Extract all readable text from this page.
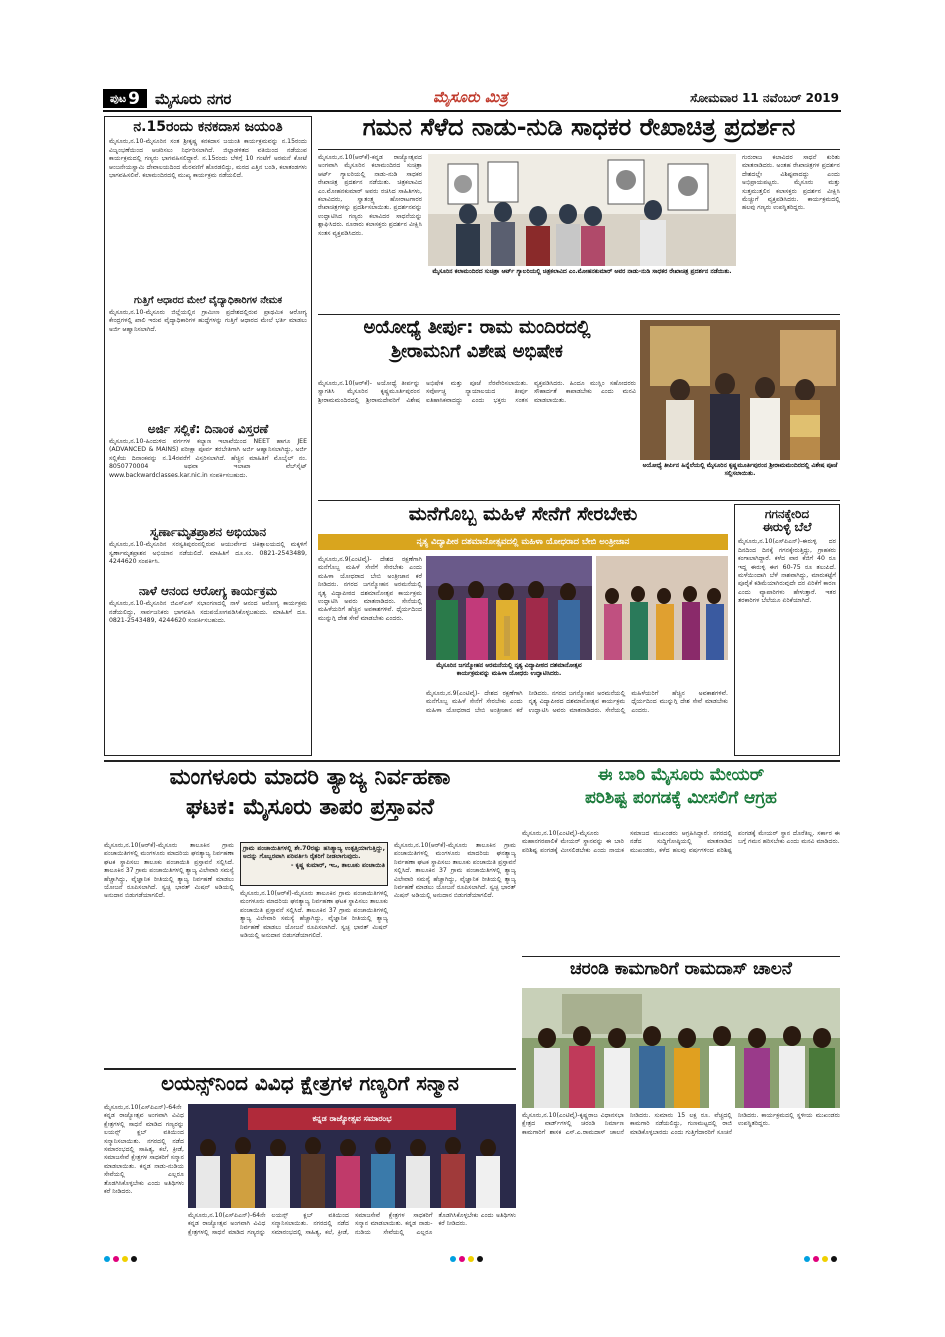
ಪುಟ 9 ಮೈಸೂರು ನಗರ	ಮೈಸೂರು ಮಿತ್ರ	ಸೋಮವಾರ 11 ನವೆಂಬರ್ 2019
ನ.15ರಂದು ಕನಕದಾಸ ಜಯಂತಿ
ಮೈಸೂರು,ನ.10-ಮೈಸೂರಿನ ಸಂತ ಶ್ರೀಕೃಷ್ಣ ಕನಕದಾಸ ಜಯಂತಿ ಕಾರ್ಯಕ್ರಮವನ್ನು ನ.15ರಂದು ವಿಜೃಂಭಣೆಯಿಂದ ಆಚರಿಸಲು ನಿರ್ಧರಿಸಲಾಗಿದೆ. ಜಿಲ್ಲಾಡಳಿತದ ವತಿಯಿಂದ ನಡೆಯುವ ಕಾರ್ಯಕ್ರಮದಲ್ಲಿ ಗಣ್ಯರು ಭಾಗವಹಿಸಲಿದ್ದಾರೆ. ನ.15ರಂದು ಬೆಳಿಗ್ಗೆ 10 ಗಂಟೆಗೆ ಅರಮನೆ ಕೋಟೆ ಆಂಜನೇಯಸ್ವಾಮಿ ದೇವಾಲಯದಿಂದ ಮೆರವಣಿಗೆ ಹೊರಡಲಿದ್ದು, ಮರದ ಎತ್ತಿನ ಬಂಡಿ, ಕಲಾತಂಡಗಳು ಭಾಗವಹಿಸಲಿವೆ. ಕಲಾಮಂದಿರದಲ್ಲಿ ಮುಖ್ಯ ಕಾರ್ಯಕ್ರಮ ನಡೆಯಲಿದೆ.
ಗುತ್ತಿಗೆ ಆಧಾರದ ಮೇಲೆ ವೈದ್ಯಾಧಿಕಾರಿಗಳ ನೇಮಕ
ಮೈಸೂರು,ನ.10-ಮೈಸೂರು ಜಿಲ್ಲೆಯಲ್ಲಿನ ಗ್ರಾಮೀಣ ಪ್ರದೇಶದಲ್ಲಿರುವ ಪ್ರಾಥಮಿಕ ಆರೋಗ್ಯ ಕೇಂದ್ರಗಳಲ್ಲಿ ಖಾಲಿ ಇರುವ ವೈದ್ಯಾಧಿಕಾರಿಗಳ ಹುದ್ದೆಗಳನ್ನು ಗುತ್ತಿಗೆ ಆಧಾರದ ಮೇಲೆ ಭರ್ತಿ ಮಾಡಲು ಅರ್ಜಿ ಆಹ್ವಾನಿಸಲಾಗಿದೆ.
ಅರ್ಜಿ ಸಲ್ಲಿಕೆ: ದಿನಾಂಕ ವಿಸ್ತರಣೆ
ಮೈಸೂರು,ನ.10-ಹಿಂದುಳಿದ ವರ್ಗಗಳ ಕಲ್ಯಾಣ ಇಲಾಖೆಯಿಂದ NEET ಹಾಗೂ JEE (ADVANCED & MAINS) ಪರೀಕ್ಷಾ ಪೂರ್ವ ತರಬೇತಿಗಾಗಿ ಅರ್ಜಿ ಆಹ್ವಾನಿಸಲಾಗಿದ್ದು, ಅರ್ಜಿ ಸಲ್ಲಿಕೆಯ ದಿನಾಂಕವನ್ನು ನ.14ರವರೆಗೆ ವಿಸ್ತರಿಸಲಾಗಿದೆ. ಹೆಚ್ಚಿನ ಮಾಹಿತಿಗೆ ಮೊಬೈಲ್ ನಂ. 8050770004 ಅಥವಾ ಇಲಾಖಾ ವೆಬ್‌ಸೈಟ್ www.backwardclasses.kar.nic.in ಸಂಪರ್ಕಿಸಬಹುದು.
ಸ್ವರ್ಣಾಮೃತಪ್ರಾಶನ ಅಭಿಯಾನ
ಮೈಸೂರು,ನ.10-ಮೈಸೂರಿನ ಸರಸ್ವತಿಪುರಂನಲ್ಲಿರುವ ಆಯುರ್ವೇದ ಚಿಕಿತ್ಸಾಲಯದಲ್ಲಿ ಮಕ್ಕಳಿಗೆ ಸ್ವರ್ಣಾಮೃತಪ್ರಾಶನ ಅಭಿಯಾನ ನಡೆಯಲಿದೆ. ಮಾಹಿತಿಗೆ ದೂ.ಸಂ. 0821-2543489, 4244620 ಸಂಪರ್ಕಿಸಿ.
ನಾಳೆ ಆನಂದ ಆರೋಗ್ಯ ಕಾರ್ಯಕ್ರಮ
ಮೈಸೂರು,ನ.10-ಮೈಸೂರಿನ ಜಿಎಸ್‌ಎಸ್ ಸಭಾಂಗಣದಲ್ಲಿ ನಾಳೆ ಆನಂದ ಆರೋಗ್ಯ ಕಾರ್ಯಕ್ರಮ ನಡೆಯಲಿದ್ದು, ಸಾರ್ವಜನಿಕರು ಭಾಗವಹಿಸಿ ಸದುಪಯೋಗಪಡಿಸಿಕೊಳ್ಳಬಹುದು. ಮಾಹಿತಿಗೆ ದೂ. 0821-2543489, 4244620 ಸಂಪರ್ಕಿಸಬಹುದು.
ಗಮನ ಸೆಳೆದ ನಾಡು-ನುಡಿ ಸಾಧಕರ ರೇಖಾಚಿತ್ರ ಪ್ರದರ್ಶನ
ಮೈಸೂರು,ನ.10(ಆರ್‌ಕೆ)-ಕನ್ನಡ ರಾಜ್ಯೋತ್ಸವದ ಅಂಗವಾಗಿ ಮೈಸೂರಿನ ಕಲಾಮಂದಿರದ ಸುಚಿತ್ರಾ ಆರ್ಟ್ ಗ್ಯಾಲರಿಯಲ್ಲಿ ನಾಡು-ನುಡಿ ಸಾಧಕರ ರೇಖಾಚಿತ್ರ ಪ್ರದರ್ಶನ ನಡೆಯಿತು. ಚಿತ್ರಕಲಾವಿದ ಎಂ.ಮೋಹನಕುಮಾರ್ ಅವರು ರಚಿಸಿದ ಸಾಹಿತಿಗಳು, ಕಲಾವಿದರು, ಸ್ವಾತಂತ್ರ್ಯ ಹೋರಾಟಗಾರರ ರೇಖಾಚಿತ್ರಗಳನ್ನು ಪ್ರದರ್ಶಿಸಲಾಯಿತು. ಪ್ರದರ್ಶನವನ್ನು ಉದ್ಘಾಟಿಸಿದ ಗಣ್ಯರು ಕಲಾವಿದರ ಸಾಧನೆಯನ್ನು ಶ್ಲಾಘಿಸಿದರು. ನೂರಾರು ಕಲಾಸಕ್ತರು ಪ್ರದರ್ಶನ ವೀಕ್ಷಿಸಿ ಸಂತಸ ವ್ಯಕ್ತಪಡಿಸಿದರು.
ಮೈಸೂರಿನ ಕಲಾಮಂದಿರದ ಸುಚಿತ್ರಾ ಆರ್ಟ್ ಗ್ಯಾಲರಿಯಲ್ಲಿ ಚಿತ್ರಕಲಾವಿದ ಎಂ.ಮೋಹನಕುಮಾರ್ ಅವರ ನಾಡು-ನುಡಿ ಸಾಧಕರ ರೇಖಾಚಿತ್ರ ಪ್ರದರ್ಶನ ನಡೆಯಿತು.
ಗುರುರಾಜ ಕಲಾವಿದರ ಸಾಧನೆ ಕುರಿತು ಮಾತನಾಡಿದರು. ಅಂತಹ ರೇಖಾಚಿತ್ರಗಳ ಪ್ರದರ್ಶನ ದೇಶದಲ್ಲೇ ವಿಶಿಷ್ಟವಾದದ್ದು ಎಂದು ಅಭಿಪ್ರಾಯಪಟ್ಟರು. ಮೈಸೂರು ಮತ್ತು ಸುತ್ತಮುತ್ತಲಿನ ಕಲಾಸಕ್ತರು ಪ್ರದರ್ಶನ ವೀಕ್ಷಿಸಿ ಮೆಚ್ಚುಗೆ ವ್ಯಕ್ತಪಡಿಸಿದರು. ಕಾರ್ಯಕ್ರಮದಲ್ಲಿ ಹಲವು ಗಣ್ಯರು ಉಪಸ್ಥಿತರಿದ್ದರು.
ಅಯೋಧ್ಯೆ ತೀರ್ಪು: ರಾಮ ಮಂದಿರದಲ್ಲಿ
ಶ್ರೀರಾಮನಿಗೆ ವಿಶೇಷ ಅಭಿಷೇಕ
ಮೈಸೂರು,ನ.10(ಆರ್‌ಕೆ)- ಅಯೋಧ್ಯೆ ತೀರ್ಪನ್ನು ಸ್ವಾಗತಿಸಿ ಮೈಸೂರಿನ ಕೃಷ್ಣಮೂರ್ತಿಪುರಂನ ಶ್ರೀರಾಮಮಂದಿರದಲ್ಲಿ ಶ್ರೀರಾಮದೇವರಿಗೆ ವಿಶೇಷ ಅಭಿಷೇಕ ಮತ್ತು ಪೂಜೆ ನೆರವೇರಿಸಲಾಯಿತು. ಸರ್ವೋಚ್ಚ ನ್ಯಾಯಾಲಯದ ತೀರ್ಪು ಐತಿಹಾಸಿಕವಾದದ್ದು ಎಂದು ಭಕ್ತರು ಸಂತಸ ವ್ಯಕ್ತಪಡಿಸಿದರು. ಹಿಂದೂ ಮುಸ್ಲಿಂ ಸಹೋದರರು ಸೌಹಾರ್ದತೆ ಕಾಪಾಡಬೇಕು ಎಂದು ಮನವಿ ಮಾಡಲಾಯಿತು.
ಅಯೋಧ್ಯೆ ತೀರ್ಪಿನ ಹಿನ್ನೆಲೆಯಲ್ಲಿ ಮೈಸೂರಿನ ಕೃಷ್ಣಮೂರ್ತಿಪುರಂನ ಶ್ರೀರಾಮಮಂದಿರದಲ್ಲಿ ವಿಶೇಷ ಪೂಜೆ ಸಲ್ಲಿಸಲಾಯಿತು.
ಮನೆಗೊಬ್ಬ ಮಹಿಳೆ ಸೇನೆಗೆ ಸೇರಬೇಕು
ನೃತ್ಯ ವಿದ್ಯಾಪೀಠ ದಶಮಾನೋತ್ಸವದಲ್ಲಿ ಮಹಿಳಾ ಯೋಧರಾದ ಬೇಬಿ ಅಂತ್ರೀಜಾನ
ಮೈಸೂರು,ನ.9(ಎಂಟಿವೈ)- ದೇಶದ ರಕ್ಷಣೆಗಾಗಿ ಮನೆಗೊಬ್ಬ ಮಹಿಳೆ ಸೇನೆಗೆ ಸೇರಬೇಕು ಎಂದು ಮಹಿಳಾ ಯೋಧರಾದ ಬೇಬಿ ಅಂತ್ರೀಜಾನ ಕರೆ ನೀಡಿದರು. ನಗರದ ಜಗನ್ಮೋಹನ ಅರಮನೆಯಲ್ಲಿ ನೃತ್ಯ ವಿದ್ಯಾಪೀಠದ ದಶಮಾನೋತ್ಸವ ಕಾರ್ಯಕ್ರಮ ಉದ್ಘಾಟಿಸಿ ಅವರು ಮಾತನಾಡಿದರು. ಸೇನೆಯಲ್ಲಿ ಮಹಿಳೆಯರಿಗೆ ಹೆಚ್ಚಿನ ಅವಕಾಶಗಳಿವೆ. ಧೈರ್ಯದಿಂದ ಮುನ್ನುಗ್ಗಿ ದೇಶ ಸೇವೆ ಮಾಡಬೇಕು ಎಂದರು.
ಮೈಸೂರಿನ ಜಗನ್ಮೋಹನ ಅರಮನೆಯಲ್ಲಿ ನೃತ್ಯ ವಿದ್ಯಾಪೀಠದ ದಶಮಾನೋತ್ಸವ ಕಾರ್ಯಕ್ರಮವನ್ನು ಮಹಿಳಾ ಯೋಧರು ಉದ್ಘಾಟಿಸಿದರು.
ಮೈಸೂರು,ನ.9(ಎಂಟಿವೈ)- ದೇಶದ ರಕ್ಷಣೆಗಾಗಿ ಮನೆಗೊಬ್ಬ ಮಹಿಳೆ ಸೇನೆಗೆ ಸೇರಬೇಕು ಎಂದು ಮಹಿಳಾ ಯೋಧರಾದ ಬೇಬಿ ಅಂತ್ರೀಜಾನ ಕರೆ ನೀಡಿದರು. ನಗರದ ಜಗನ್ಮೋಹನ ಅರಮನೆಯಲ್ಲಿ ನೃತ್ಯ ವಿದ್ಯಾಪೀಠದ ದಶಮಾನೋತ್ಸವ ಕಾರ್ಯಕ್ರಮ ಉದ್ಘಾಟಿಸಿ ಅವರು ಮಾತನಾಡಿದರು. ಸೇನೆಯಲ್ಲಿ ಮಹಿಳೆಯರಿಗೆ ಹೆಚ್ಚಿನ ಅವಕಾಶಗಳಿವೆ. ಧೈರ್ಯದಿಂದ ಮುನ್ನುಗ್ಗಿ ದೇಶ ಸೇವೆ ಮಾಡಬೇಕು ಎಂದರು.
ಗಗನಕ್ಕೇರಿದ
ಈರುಳ್ಳಿ ಬೆಲೆ
ಮೈಸೂರು,ನ.10(ಎಸ್‌ಪಿಎನ್)-ಈರುಳ್ಳಿ ದರ ದಿನದಿಂದ ದಿನಕ್ಕೆ ಗಗನಕ್ಕೇರುತ್ತಿದ್ದು, ಗ್ರಾಹಕರು ಕಂಗಾಲಾಗಿದ್ದಾರೆ. ಕಳೆದ ವಾರ ಕೆಜಿಗೆ 40 ರೂ ಇದ್ದ ಈರುಳ್ಳಿ ಈಗ 60-75 ರೂ ತಲುಪಿದೆ. ಮಳೆಯಿಂದಾಗಿ ಬೆಳೆ ನಾಶವಾಗಿದ್ದು, ಮಾರುಕಟ್ಟೆಗೆ ಪೂರೈಕೆ ಕಡಿಮೆಯಾಗಿರುವುದೇ ದರ ಏರಿಕೆಗೆ ಕಾರಣ ಎಂದು ವ್ಯಾಪಾರಿಗಳು ಹೇಳುತ್ತಾರೆ. ಇತರ ತರಕಾರಿಗಳ ಬೆಲೆಯೂ ಏರಿಕೆಯಾಗಿದೆ.
ಮಂಗಳೂರು ಮಾದರಿ ತ್ಯಾಜ್ಯ ನಿರ್ವಹಣಾ
ಘಟಕ: ಮೈಸೂರು ತಾಪಂ ಪ್ರಸ್ತಾವನೆ
ಮೈಸೂರು,ನ.10(ಆರ್‌ಕೆ)-ಮೈಸೂರು ತಾಲೂಕಿನ ಗ್ರಾಮ ಪಂಚಾಯಿತಿಗಳಲ್ಲಿ ಮಂಗಳೂರು ಮಾದರಿಯ ಘನತ್ಯಾಜ್ಯ ನಿರ್ವಹಣಾ ಘಟಕ ಸ್ಥಾಪಿಸಲು ತಾಲೂಕು ಪಂಚಾಯಿತಿ ಪ್ರಸ್ತಾವನೆ ಸಲ್ಲಿಸಿದೆ. ತಾಲೂಕಿನ 37 ಗ್ರಾಮ ಪಂಚಾಯಿತಿಗಳಲ್ಲಿ ತ್ಯಾಜ್ಯ ವಿಲೇವಾರಿ ಸಮಸ್ಯೆ ಹೆಚ್ಚಾಗಿದ್ದು, ವೈಜ್ಞಾನಿಕ ರೀತಿಯಲ್ಲಿ ತ್ಯಾಜ್ಯ ನಿರ್ವಹಣೆ ಮಾಡಲು ಯೋಜನೆ ರೂಪಿಸಲಾಗಿದೆ. ಸ್ವಚ್ಛ ಭಾರತ್ ಮಿಷನ್ ಅಡಿಯಲ್ಲಿ ಅನುದಾನ ಬಿಡುಗಡೆಯಾಗಲಿದೆ.
ಗ್ರಾಮ ಪಂಚಾಯಿತಿಗಳಲ್ಲಿ ಶೇ.70ರಷ್ಟು ಹಸಿತ್ಯಾಜ್ಯ ಉತ್ಪತ್ತಿಯಾಗುತ್ತಿದ್ದು, ಅದನ್ನು ಗೊಬ್ಬರವಾಗಿ ಪರಿವರ್ತಿಸಿ ರೈತರಿಗೆ ನೀಡಲಾಗುವುದು.
- ಕೃಷ್ಣ ಕುಮಾರ್, ಇಒ, ತಾಲೂಕು ಪಂಚಾಯಿತಿ
ಮೈಸೂರು,ನ.10(ಆರ್‌ಕೆ)-ಮೈಸೂರು ತಾಲೂಕಿನ ಗ್ರಾಮ ಪಂಚಾಯಿತಿಗಳಲ್ಲಿ ಮಂಗಳೂರು ಮಾದರಿಯ ಘನತ್ಯಾಜ್ಯ ನಿರ್ವಹಣಾ ಘಟಕ ಸ್ಥಾಪಿಸಲು ತಾಲೂಕು ಪಂಚಾಯಿತಿ ಪ್ರಸ್ತಾವನೆ ಸಲ್ಲಿಸಿದೆ. ತಾಲೂಕಿನ 37 ಗ್ರಾಮ ಪಂಚಾಯಿತಿಗಳಲ್ಲಿ ತ್ಯಾಜ್ಯ ವಿಲೇವಾರಿ ಸಮಸ್ಯೆ ಹೆಚ್ಚಾಗಿದ್ದು, ವೈಜ್ಞಾನಿಕ ರೀತಿಯಲ್ಲಿ ತ್ಯಾಜ್ಯ ನಿರ್ವಹಣೆ ಮಾಡಲು ಯೋಜನೆ ರೂಪಿಸಲಾಗಿದೆ. ಸ್ವಚ್ಛ ಭಾರತ್ ಮಿಷನ್ ಅಡಿಯಲ್ಲಿ ಅನುದಾನ ಬಿಡುಗಡೆಯಾಗಲಿದೆ.
ಮೈಸೂರು,ನ.10(ಆರ್‌ಕೆ)-ಮೈಸೂರು ತಾಲೂಕಿನ ಗ್ರಾಮ ಪಂಚಾಯಿತಿಗಳಲ್ಲಿ ಮಂಗಳೂರು ಮಾದರಿಯ ಘನತ್ಯಾಜ್ಯ ನಿರ್ವಹಣಾ ಘಟಕ ಸ್ಥಾಪಿಸಲು ತಾಲೂಕು ಪಂಚಾಯಿತಿ ಪ್ರಸ್ತಾವನೆ ಸಲ್ಲಿಸಿದೆ. ತಾಲೂಕಿನ 37 ಗ್ರಾಮ ಪಂಚಾಯಿತಿಗಳಲ್ಲಿ ತ್ಯಾಜ್ಯ ವಿಲೇವಾರಿ ಸಮಸ್ಯೆ ಹೆಚ್ಚಾಗಿದ್ದು, ವೈಜ್ಞಾನಿಕ ರೀತಿಯಲ್ಲಿ ತ್ಯಾಜ್ಯ ನಿರ್ವಹಣೆ ಮಾಡಲು ಯೋಜನೆ ರೂಪಿಸಲಾಗಿದೆ. ಸ್ವಚ್ಛ ಭಾರತ್ ಮಿಷನ್ ಅಡಿಯಲ್ಲಿ ಅನುದಾನ ಬಿಡುಗಡೆಯಾಗಲಿದೆ.
ಈ ಬಾರಿ ಮೈಸೂರು ಮೇಯರ್
ಪರಿಶಿಷ್ಟ ಪಂಗಡಕ್ಕೆ ಮೀಸಲಿಗೆ ಆಗ್ರಹ
ಮೈಸೂರು,ನ.10(ಎಂಟಿವೈ)-ಮೈಸೂರು ಮಹಾನಗರಪಾಲಿಕೆ ಮೇಯರ್ ಸ್ಥಾನವನ್ನು ಈ ಬಾರಿ ಪರಿಶಿಷ್ಟ ಪಂಗಡಕ್ಕೆ ಮೀಸಲಿಡಬೇಕು ಎಂದು ನಾಯಕ ಸಮಾಜದ ಮುಖಂಡರು ಆಗ್ರಹಿಸಿದ್ದಾರೆ. ನಗರದಲ್ಲಿ ನಡೆದ ಸುದ್ದಿಗೋಷ್ಠಿಯಲ್ಲಿ ಮಾತನಾಡಿದ ಮುಖಂಡರು, ಕಳೆದ ಹಲವು ವರ್ಷಗಳಿಂದ ಪರಿಶಿಷ್ಟ ಪಂಗಡಕ್ಕೆ ಮೇಯರ್ ಸ್ಥಾನ ದೊರೆತಿಲ್ಲ. ಸರ್ಕಾರ ಈ ಬಗ್ಗೆ ಗಮನ ಹರಿಸಬೇಕು ಎಂದು ಮನವಿ ಮಾಡಿದರು.
ಚರಂಡಿ ಕಾಮಗಾರಿಗೆ ರಾಮದಾಸ್ ಚಾಲನೆ
ಲಯನ್ಸ್‌ನಿಂದ ವಿವಿಧ ಕ್ಷೇತ್ರಗಳ ಗಣ್ಯರಿಗೆ ಸನ್ಮಾನ
ಮೈಸೂರು,ನ.10(ಎಸ್‌ಪಿಎನ್)-64ನೇ ಕನ್ನಡ ರಾಜ್ಯೋತ್ಸವ ಅಂಗವಾಗಿ ವಿವಿಧ ಕ್ಷೇತ್ರಗಳಲ್ಲಿ ಸಾಧನೆ ಮಾಡಿದ ಗಣ್ಯರನ್ನು ಲಯನ್ಸ್ ಕ್ಲಬ್ ವತಿಯಿಂದ ಸನ್ಮಾನಿಸಲಾಯಿತು. ನಗರದಲ್ಲಿ ನಡೆದ ಸಮಾರಂಭದಲ್ಲಿ ಸಾಹಿತ್ಯ, ಕಲೆ, ಕ್ರೀಡೆ, ಸಮಾಜಸೇವೆ ಕ್ಷೇತ್ರಗಳ ಸಾಧಕರಿಗೆ ಸನ್ಮಾನ ಮಾಡಲಾಯಿತು. ಕನ್ನಡ ನಾಡು-ನುಡಿಯ ಸೇವೆಯಲ್ಲಿ ಎಲ್ಲರೂ ತೊಡಗಿಸಿಕೊಳ್ಳಬೇಕು ಎಂದು ಅತಿಥಿಗಳು ಕರೆ ನೀಡಿದರು.
ಕನ್ನಡ ರಾಜ್ಯೋತ್ಸವ ಸಮಾರಂಭ
ಮೈಸೂರು,ನ.10(ಎಸ್‌ಪಿಎನ್)-64ನೇ ಕನ್ನಡ ರಾಜ್ಯೋತ್ಸವ ಅಂಗವಾಗಿ ವಿವಿಧ ಕ್ಷೇತ್ರಗಳಲ್ಲಿ ಸಾಧನೆ ಮಾಡಿದ ಗಣ್ಯರನ್ನು ಲಯನ್ಸ್ ಕ್ಲಬ್ ವತಿಯಿಂದ ಸನ್ಮಾನಿಸಲಾಯಿತು. ನಗರದಲ್ಲಿ ನಡೆದ ಸಮಾರಂಭದಲ್ಲಿ ಸಾಹಿತ್ಯ, ಕಲೆ, ಕ್ರೀಡೆ, ಸಮಾಜಸೇವೆ ಕ್ಷೇತ್ರಗಳ ಸಾಧಕರಿಗೆ ಸನ್ಮಾನ ಮಾಡಲಾಯಿತು. ಕನ್ನಡ ನಾಡು-ನುಡಿಯ ಸೇವೆಯಲ್ಲಿ ಎಲ್ಲರೂ ತೊಡಗಿಸಿಕೊಳ್ಳಬೇಕು ಎಂದು ಅತಿಥಿಗಳು ಕರೆ ನೀಡಿದರು.
ಮೈಸೂರು,ನ.10(ಎಂಟಿವೈ)-ಕೃಷ್ಣರಾಜ ವಿಧಾನಸಭಾ ಕ್ಷೇತ್ರದ ವಾರ್ಡ್‌ಗಳಲ್ಲಿ ಚರಂಡಿ ನಿರ್ಮಾಣ ಕಾಮಗಾರಿಗೆ ಶಾಸಕ ಎಸ್.ಎ.ರಾಮದಾಸ್ ಚಾಲನೆ ನೀಡಿದರು. ಸುಮಾರು 15 ಲಕ್ಷ ರೂ. ವೆಚ್ಚದಲ್ಲಿ ಕಾಮಗಾರಿ ನಡೆಯಲಿದ್ದು, ಗುಣಮಟ್ಟದಲ್ಲಿ ರಾಜಿ ಮಾಡಿಕೊಳ್ಳಬಾರದು ಎಂದು ಗುತ್ತಿಗೆದಾರರಿಗೆ ಸೂಚನೆ ನೀಡಿದರು. ಕಾರ್ಯಕ್ರಮದಲ್ಲಿ ಸ್ಥಳೀಯ ಮುಖಂಡರು ಉಪಸ್ಥಿತರಿದ್ದರು.
